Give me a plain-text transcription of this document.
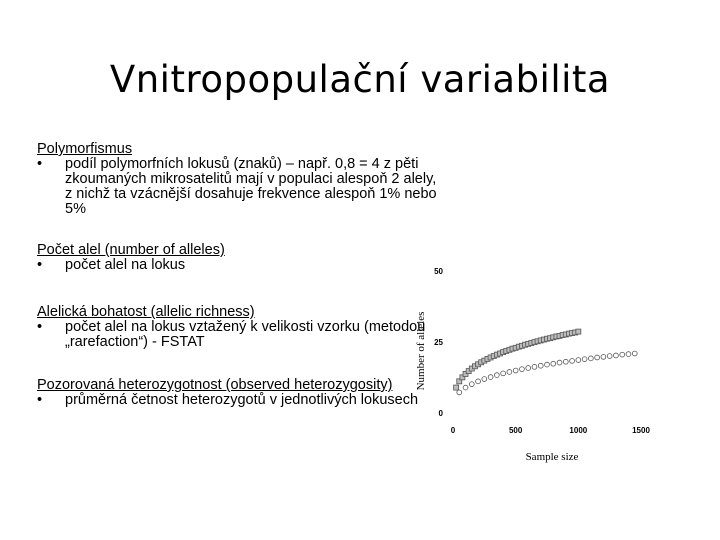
Vnitropopulační variabilita
Polymorfismus
• podíl polymorfních lokusů (znaků) – např. 0,8 = 4 z pěti zkoumaných mikrosatelitů mají v populaci alespoň 2 alely, z nichž ta vzácnější dosahuje frekvence alespoň 1% nebo 5%
Počet alel (number of alleles)
• počet alel na lokus
Alelická bohatost (allelic richness)
• počet alel na lokus vztažený k velikosti vzorku (metodou „rarefaction“) - FSTAT
Pozorovaná heterozygotnost (observed heterozygosity)
• průměrná četnost heterozygotů v jednotlivých lokusech
0
25
50
0	500	1000	1500
Number of alleles
Sample size
